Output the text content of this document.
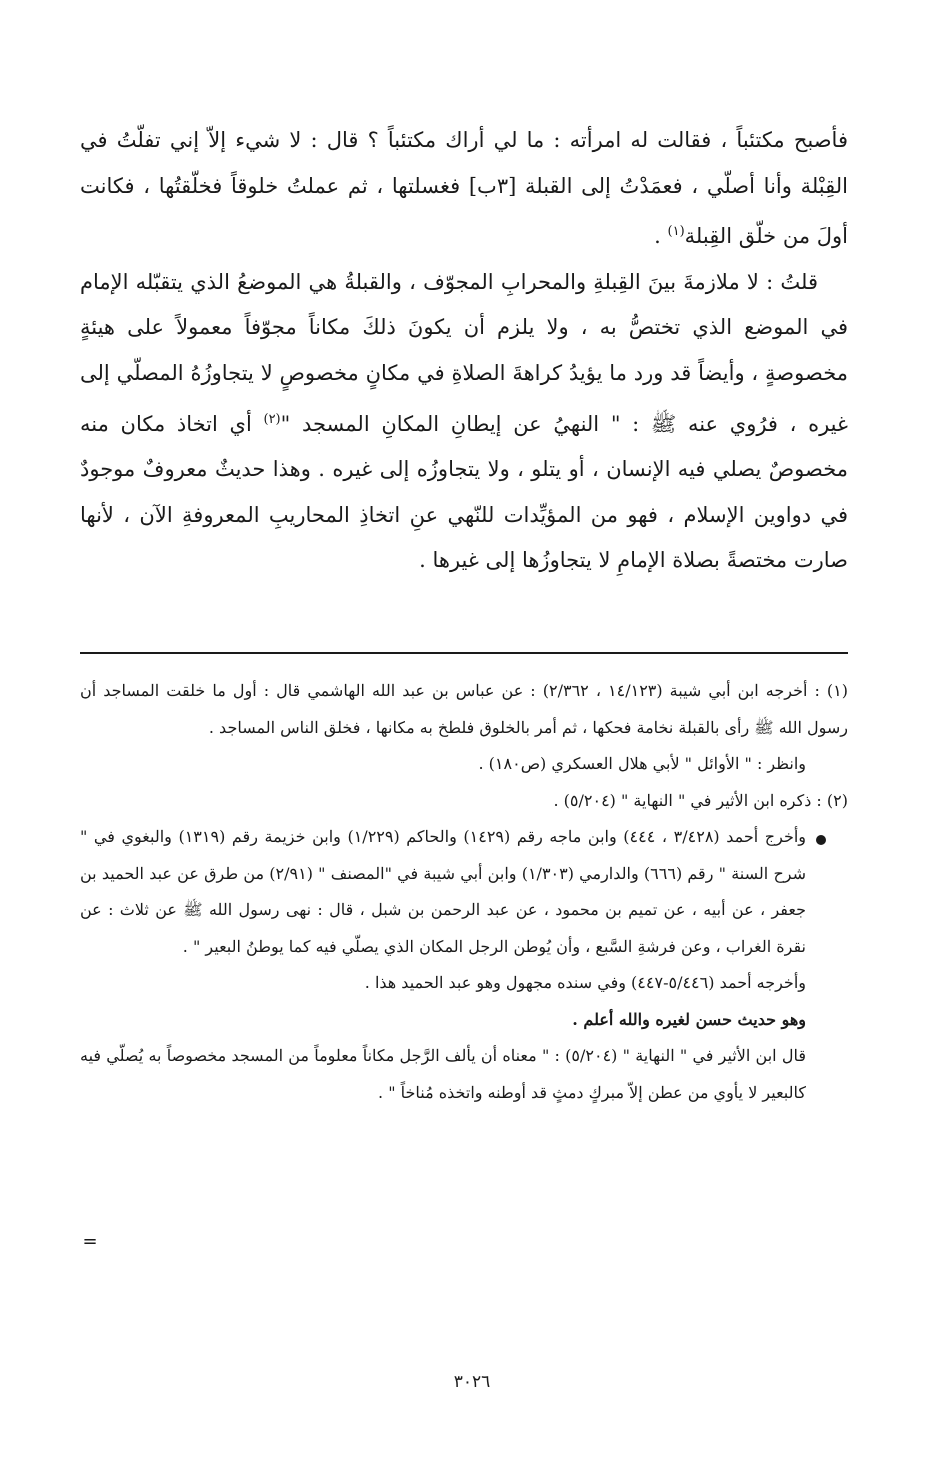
فأصبح مكتئباً ، فقالت له امرأته : ما لي أراك مكتئباً ؟ قال : لا شيء إلاّ إني تفلّتُ في القِبْلة وأنا أصلّي ، فعمَدْتُ إلى القبلة [٣ب] فغسلتها ، ثم عملتُ خلوقاً فخلّقتُها ، فكانت أولَ من خلّق القِبلة$^{(١)}$ .

قلتُ : لا ملازمةَ بينَ القِبلةِ والمحرابِ المجوّف ، والقبلةُ هي الموضعُ الذي يتقبّله الإمام في الموضع الذي تختصُّ به ، ولا يلزم أن يكونَ ذلكَ مكاناً مجوّفاً معمولاً على هيئةٍ مخصوصةٍ ، وأيضاً قد ورد ما يؤيدُ كراهةَ الصلاةِ في مكانٍ مخصوصٍ لا يتجاوزُهُ المصلّي إلى غيره ، فرُوي عنه ﷺ : " النهيُ عن إيطانِ المكانِ المسجد "$^{(٢)}$ أي اتخاذ مكان منه مخصوصٌ يصلي فيه الإنسان ، أو يتلو ، ولا يتجاوزُه إلى غيره . وهذا حديثٌ معروفٌ موجودٌ في دواوين الإسلام ، فهو من المؤيِّدات للنّهي عنِ اتخاذِ المحاريبِ المعروفةِ الآن ، لأنها صارت مختصةً بصلاة الإمامِ لا يتجاوزُها إلى غيرها .

(١) : أخرجه ابن أبي شيبة (١٤/١٢٣ ، ٢/٣٦٢) : عن عباس بن عبد الله الهاشمي قال : أول ما خلقت المساجد أن رسول الله ﷺ رأى بالقبلة نخامة فحكها ، ثم أمر بالخلوق فلطخ به مكانها ، فخلق الناس المساجد .

وانظر : " الأوائل " لأبي هلال العسكري (ص١٨٠) .

(٢) : ذكره ابن الأثير في " النهاية " (٥/٢٠٤) .

وأخرج أحمد (٣/٤٢٨ ، ٤٤٤) وابن ماجه رقم (١٤٢٩) والحاكم (١/٢٢٩) وابن خزيمة رقم (١٣١٩) والبغوي في " شرح السنة " رقم (٦٦٦) والدارمي (١/٣٠٣) وابن أبي شيبة في "المصنف " (٢/٩١) من طرق عن عبد الحميد بن جعفر ، عن أبيه ، عن تميم بن محمود ، عن عبد الرحمن بن شبل ، قال : نهى رسول الله ﷺ عن ثلاث : عن نقرة الغراب ، وعن فرشةِ السَّبع ، وأن يُوطن الرجل المكان الذي يصلّي فيه كما يوطنُ البعير " .

وأخرجه أحمد (٥/٤٤٦-٤٤٧) وفي سنده مجهول وهو عبد الحميد هذا .

وهو حديث حسن لغيره والله أعلم .

قال ابن الأثير في " النهاية " (٥/٢٠٤) : " معناه أن يألف الرَّجل مكاناً معلوماً من المسجد مخصوصاً به يُصلّي فيه كالبعير لا يأوي من عطن إلاّ مبركٍ دمثٍ قد أوطنه واتخذه مُناخاً " .

=
٣٠٢٦
